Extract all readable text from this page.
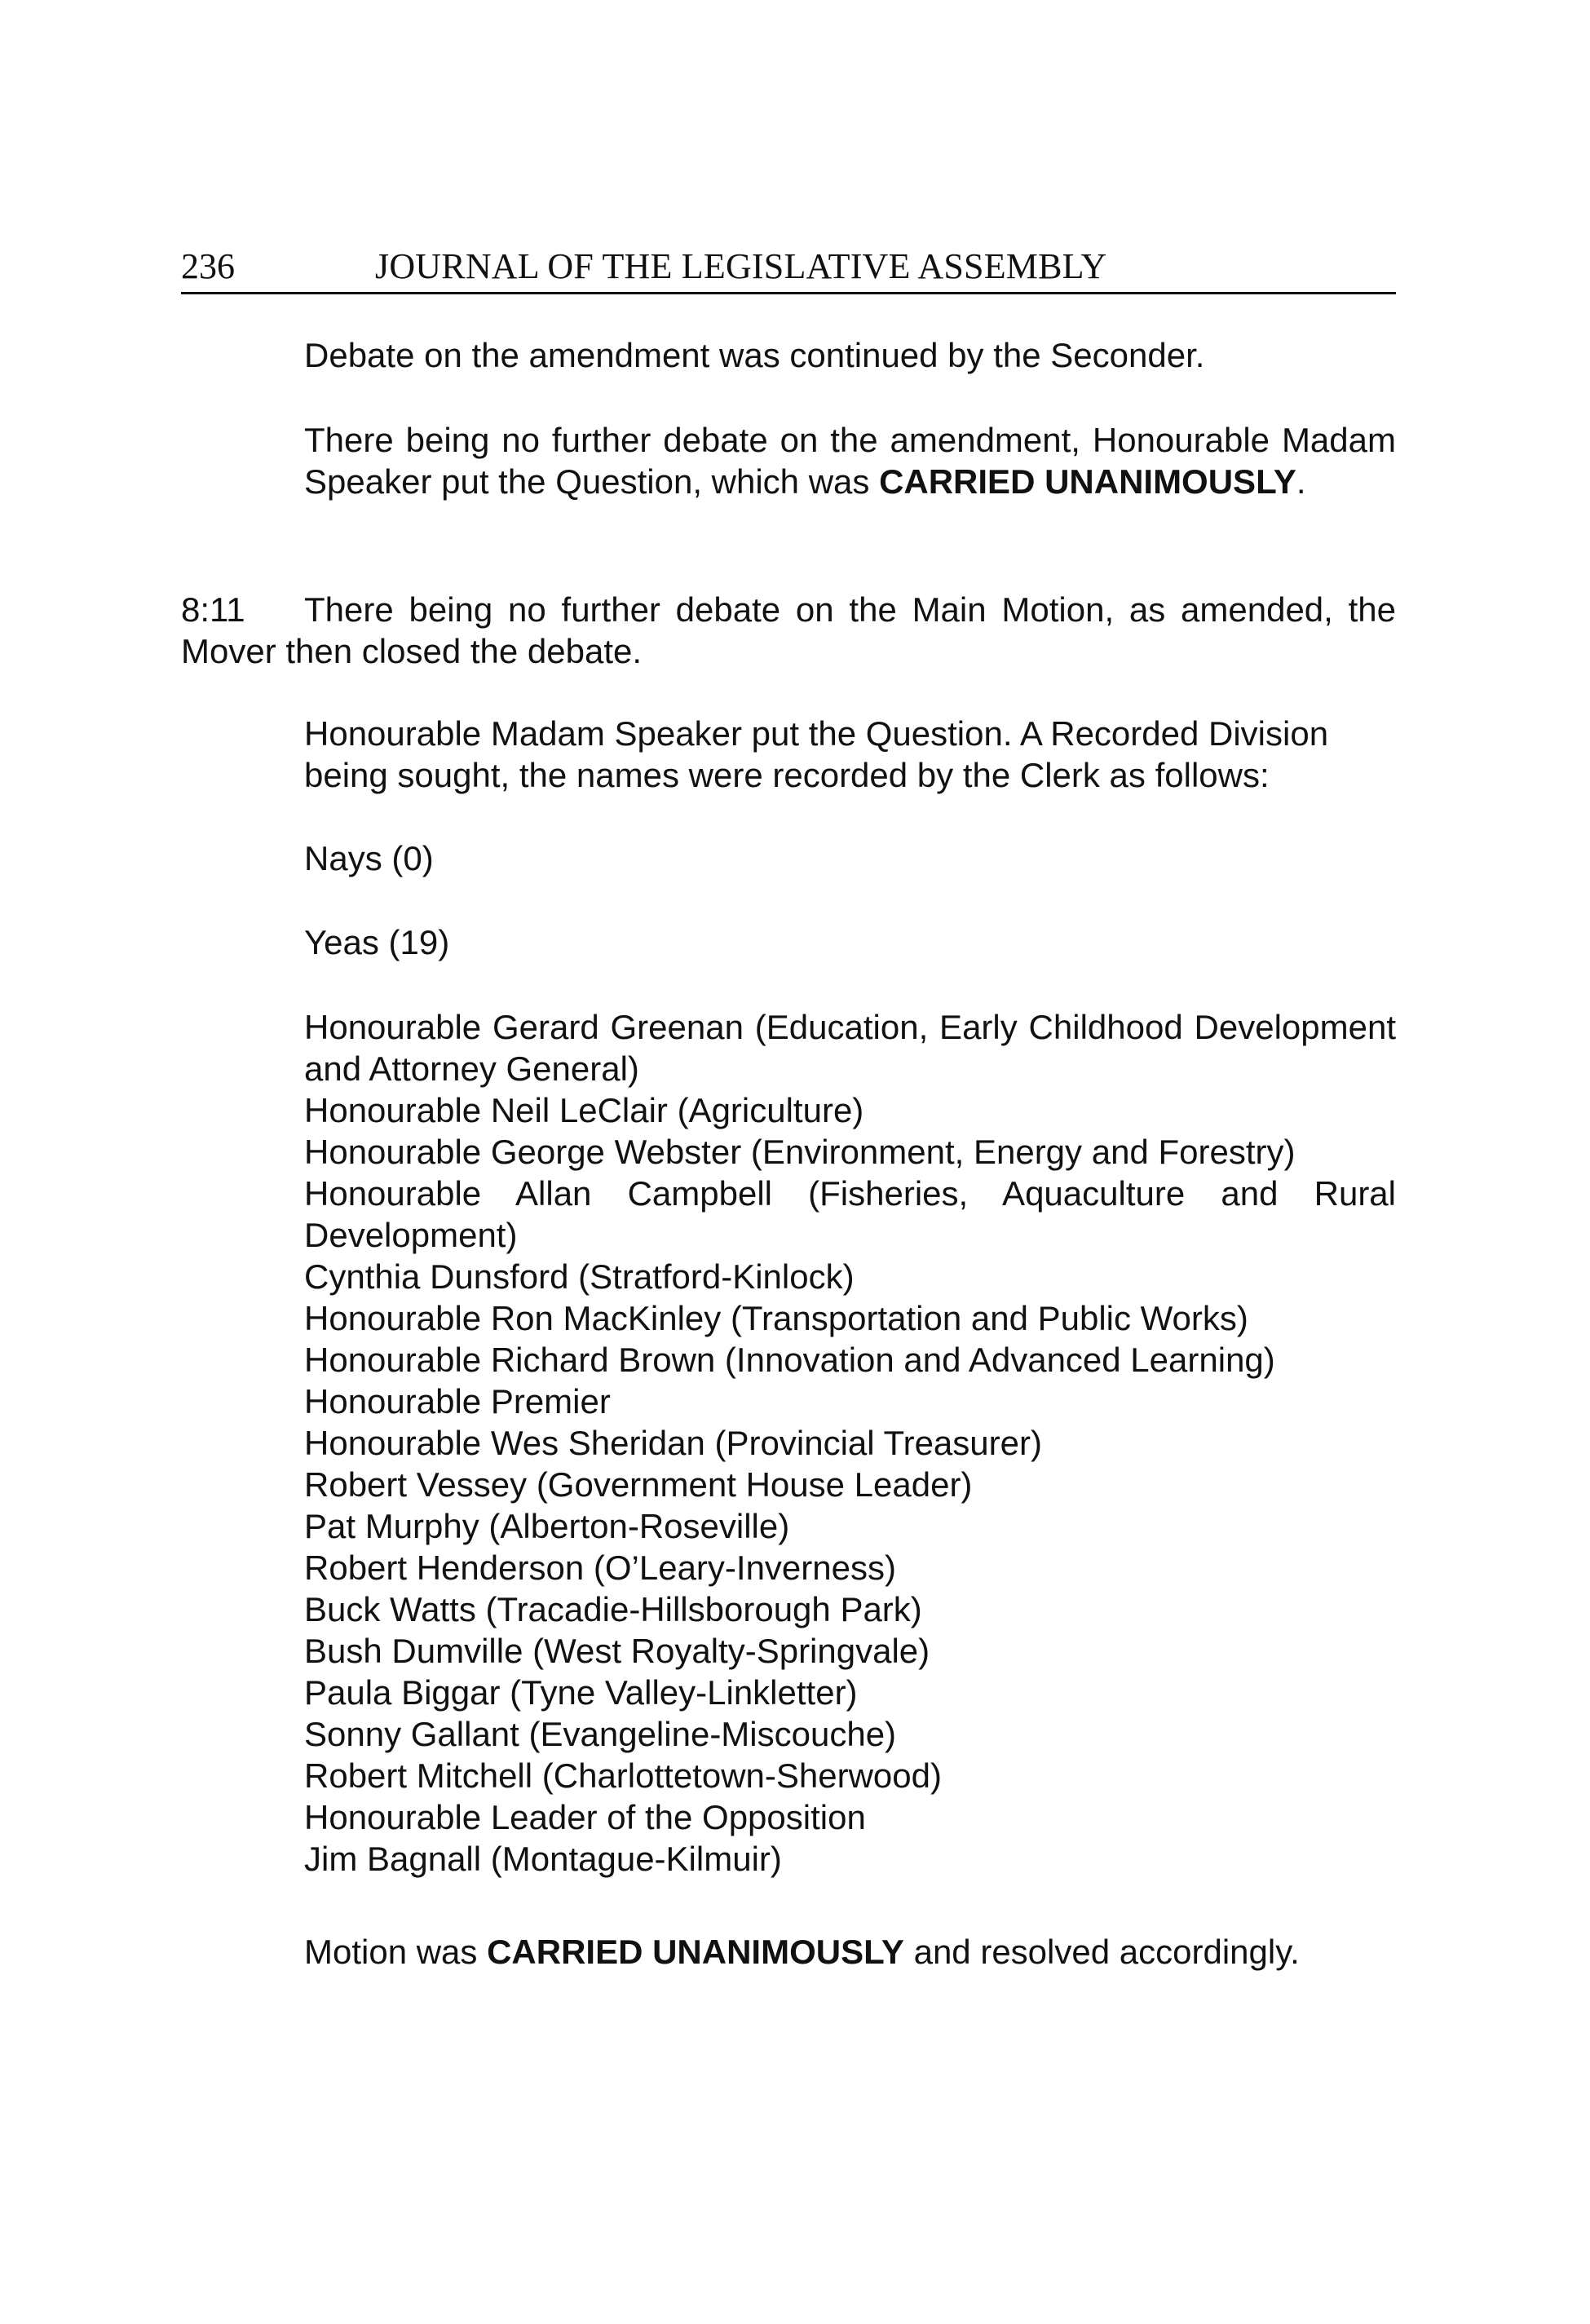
236	JOURNAL OF THE LEGISLATIVE ASSEMBLY

Debate on the amendment was continued by the Seconder.

There being no further debate on the amendment, Honourable Madam Speaker put the Question, which was CARRIED UNANIMOUSLY.

8:11 There being no further debate on the Main Motion, as amended, the Mover then closed the debate.

Honourable Madam Speaker put the Question. A Recorded Division being sought, the names were recorded by the Clerk as follows:

Nays (0)

Yeas (19)

Honourable Gerard Greenan (Education, Early Childhood Development and Attorney General)
Honourable Neil LeClair (Agriculture)
Honourable George Webster (Environment, Energy and Forestry)
Honourable Allan Campbell (Fisheries, Aquaculture and Rural Development)
Cynthia Dunsford (Stratford-Kinlock)
Honourable Ron MacKinley (Transportation and Public Works)
Honourable Richard Brown (Innovation and Advanced Learning)
Honourable Premier
Honourable Wes Sheridan (Provincial Treasurer)
Robert Vessey (Government House Leader)
Pat Murphy (Alberton-Roseville)
Robert Henderson (O’Leary-Inverness)
Buck Watts (Tracadie-Hillsborough Park)
Bush Dumville (West Royalty-Springvale)
Paula Biggar (Tyne Valley-Linkletter)
Sonny Gallant (Evangeline-Miscouche)
Robert Mitchell (Charlottetown-Sherwood)
Honourable Leader of the Opposition
Jim Bagnall (Montague-Kilmuir)

Motion was CARRIED UNANIMOUSLY and resolved accordingly.
